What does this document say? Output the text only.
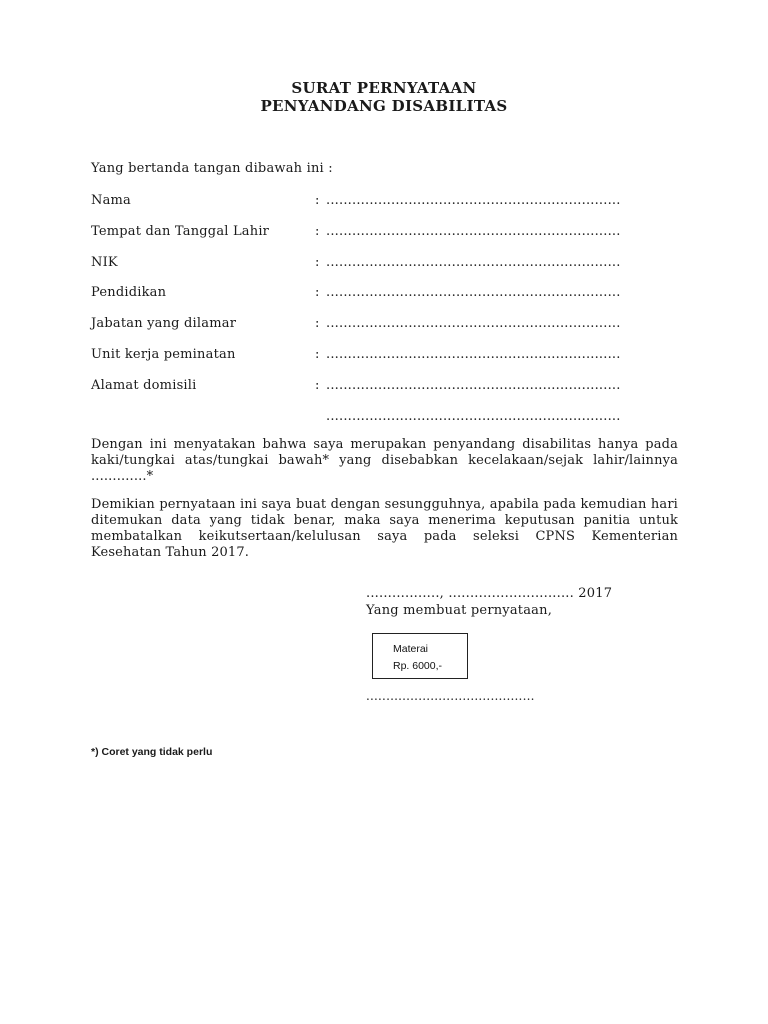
SURAT PERNYATAAN
PENYANDANG DISABILITAS
Yang bertanda tangan dibawah ini :
Nama	: ....................................................................
Tempat dan Tanggal Lahir	: ....................................................................
NIK	: ....................................................................
Pendidikan	: ....................................................................
Jabatan yang dilamar	: ....................................................................
Unit kerja peminatan	: ....................................................................
Alamat domisili	: ....................................................................
....................................................................
Dengan ini menyatakan bahwa saya merupakan penyandang disabilitas hanya pada kaki/tungkai atas/tungkai bawah* yang disebabkan kecelakaan/sejak lahir/lainnya .............*
Demikian pernyataan ini saya buat dengan sesungguhnya, apabila pada kemudian hari ditemukan data yang tidak benar, maka saya menerima keputusan panitia untuk membatalkan keikutsertaan/kelulusan saya pada seleksi CPNS Kementerian Kesehatan Tahun 2017.
................., ............................. 2017
Yang membuat pernyataan,
Materai
Rp. 6000,-
..........................................
*) Coret yang tidak perlu
